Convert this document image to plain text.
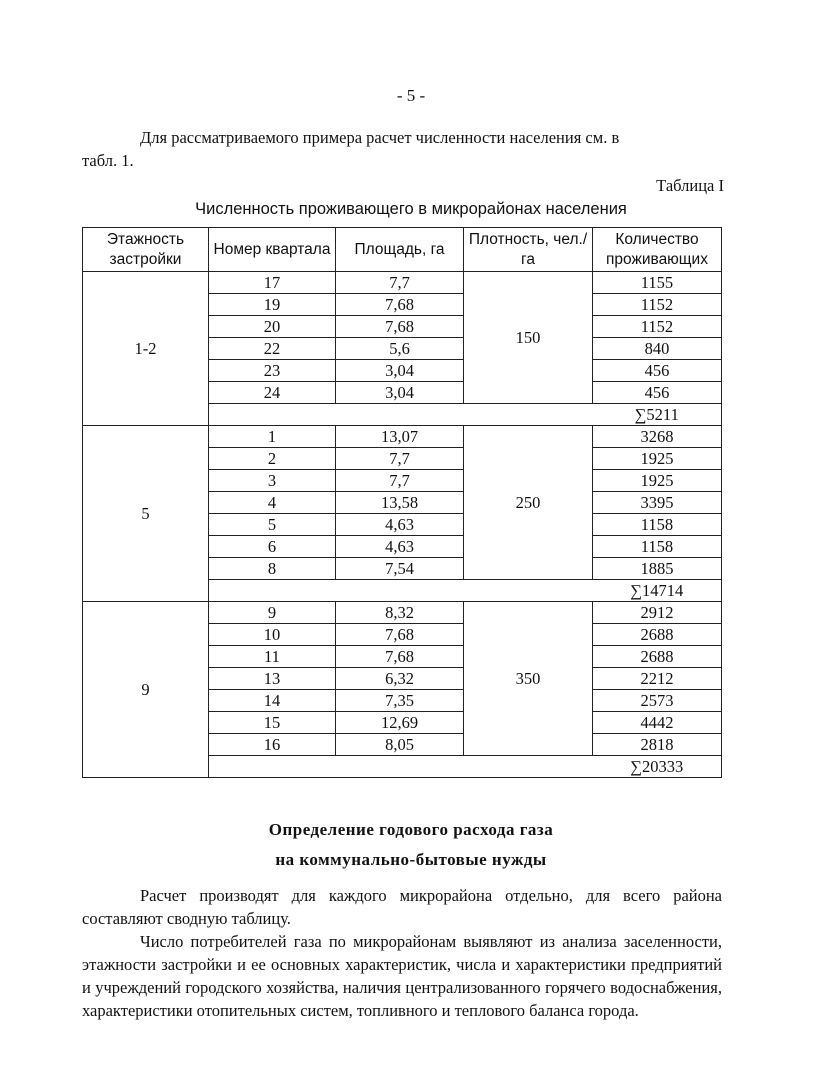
- 5 -
Для рассматриваемого примера расчет численности населения см. в
табл. 1.
Таблица I
Численность проживающего в микрорайонах населения
Этажность застройки	Номер квартала	Площадь, га	Плотность, чел./га	Количество проживающих
1-2	17	7,7	150	1155
	19	7,68		1152
	20	7,68		1152
	22	5,6		840
	23	3,04		456
	24	3,04		456
				∑5211
5	1	13,07	250	3268
	2	7,7		1925
	3	7,7		1925
	4	13,58		3395
	5	4,63		1158
	6	4,63		1158
	8	7,54		1885
				∑14714
9	9	8,32	350	2912
	10	7,68		2688
	11	7,68		2688
	13	6,32		2212
	14	7,35		2573
	15	12,69		4442
	16	8,05		2818
				∑20333
Определение годового расхода газа
на коммунально-бытовые нужды
Расчет производят для каждого микрорайона отдельно, для всего района составляют сводную таблицу.
Число потребителей газа по микрорайонам выявляют из анализа заселенности, этажности застройки и ее основных характеристик, числа и характеристики предприятий и учреждений городского хозяйства, наличия централизованного горячего водоснабжения, характеристики отопительных систем, топливного и теплового баланса города.
